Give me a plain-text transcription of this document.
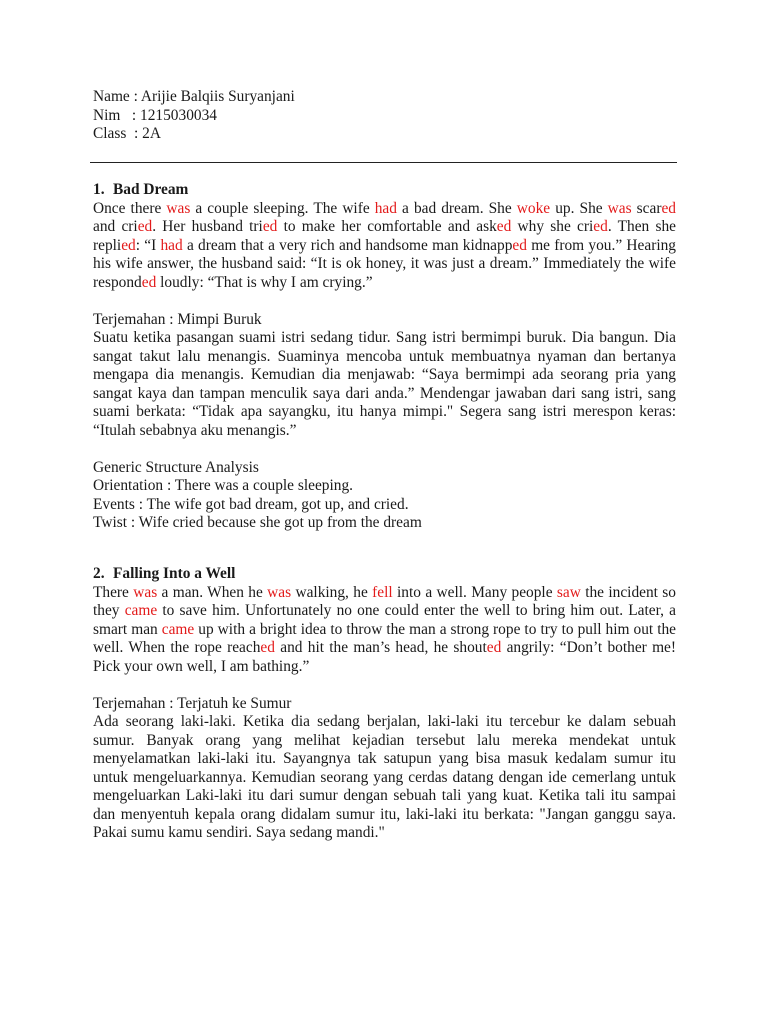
Name : Arijie Balqiis Suryanjani
Nim   : 1215030034
Class  : 2A
1. Bad Dream

Once there was a couple sleeping. The wife had a bad dream. She woke up. She was scared and cried. Her husband tried to make her comfortable and asked why she cried. Then she replied: “I had a dream that a very rich and handsome man kidnapped me from you.” Hearing his wife answer, the husband said: “It is ok honey, it was just a dream.” Immediately the wife responded loudly: “That is why I am crying.”

Terjemahan : Mimpi Buruk

Suatu ketika pasangan suami istri sedang tidur. Sang istri bermimpi buruk. Dia bangun. Dia sangat takut lalu menangis. Suaminya mencoba untuk membuatnya nyaman dan bertanya mengapa dia menangis. Kemudian dia menjawab: “Saya bermimpi ada seorang pria yang sangat kaya dan tampan menculik saya dari anda.” Mendengar jawaban dari sang istri, sang suami berkata: “Tidak apa sayangku, itu hanya mimpi." Segera sang istri merespon keras: “Itulah sebabnya aku menangis.”

Generic Structure Analysis
Orientation : There was a couple sleeping.
Events : The wife got bad dream, got up, and cried.
Twist : Wife cried because she got up from the dream
2. Falling Into a Well

There was a man. When he was walking, he fell into a well. Many people saw the incident so they came to save him. Unfortunately no one could enter the well to bring him out. Later, a smart man came up with a bright idea to throw the man a strong rope to try to pull him out the well. When the rope reached and hit the man’s head, he shouted angrily: “Don’t bother me! Pick your own well, I am bathing.”

Terjemahan : Terjatuh ke Sumur

Ada seorang laki-laki. Ketika dia sedang berjalan, laki-laki itu tercebur ke dalam sebuah sumur. Banyak orang yang melihat kejadian tersebut lalu mereka mendekat untuk menyelamatkan laki-laki itu. Sayangnya tak satupun yang bisa masuk kedalam sumur itu untuk mengeluarkannya. Kemudian seorang yang cerdas datang dengan ide cemerlang untuk mengeluarkan Laki-laki itu dari sumur dengan sebuah tali yang kuat. Ketika tali itu sampai dan menyentuh kepala orang didalam sumur itu, laki-laki itu berkata: "Jangan ganggu saya. Pakai sumu kamu sendiri. Saya sedang mandi."
